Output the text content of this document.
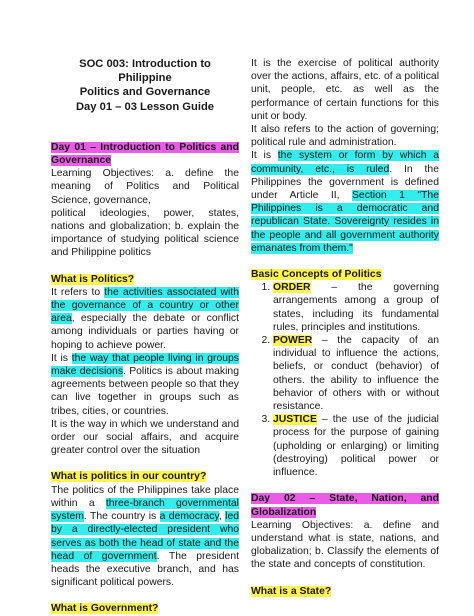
SOC 003: Introduction to Philippine
Politics and Governance
Day 01 – 03 Lesson Guide

Day 01 – Introduction to Politics and Governance

Learning Objectives: a. define the meaning of Politics and Political Science, governance,
political ideologies, power, states, nations and globalization; b. explain the importance of studying political science and Philippine politics

What is Politics?

It refers to the activities associated with the governance of a country or other area, especially the debate or conflict among individuals or parties having or hoping to achieve power.

It is the way that people living in groups make decisions. Politics is about making agreements between people so that they can live together in groups such as tribes, cities, or countries.

It is the way in which we understand and order our social affairs, and acquire greater control over the situation

What is politics in our country?

The politics of the Philippines take place within a three-branch governmental system. The country is a democracy, led by a directly-elected president who serves as both the head of state and the head of government. The president heads the executive branch, and has significant political powers.

What is Government?

It is the exercise of political authority over the actions, affairs, etc. of a political unit, people, etc. as well as the performance of certain functions for this unit or body.

It also refers to the action of governing; political rule and administration.

It is the system or form by which a community, etc., is ruled. In the Philippines the government is defined under Article II, Section 1 "The Philippines is a democratic and republican State. Sovereignty resides in the people and all government authority emanates from them."

Basic Concepts of Politics

1. ORDER – the governing arrangements among a group of states, including its fundamental rules, principles and institutions.
2. POWER – the capacity of an individual to influence the actions, beliefs, or conduct (behavior) of others. the ability to influence the behavior of others with or without resistance.
3. JUSTICE – the use of the judicial process for the purpose of gaining (upholding or enlarging) or limiting (destroying) political power or influence.

Day 02 – State, Nation, and Globalization

Learning Objectives: a. define and understand what is state, nations, and globalization; b. Classify the elements of the state and concepts of constitution.

What is a State?
